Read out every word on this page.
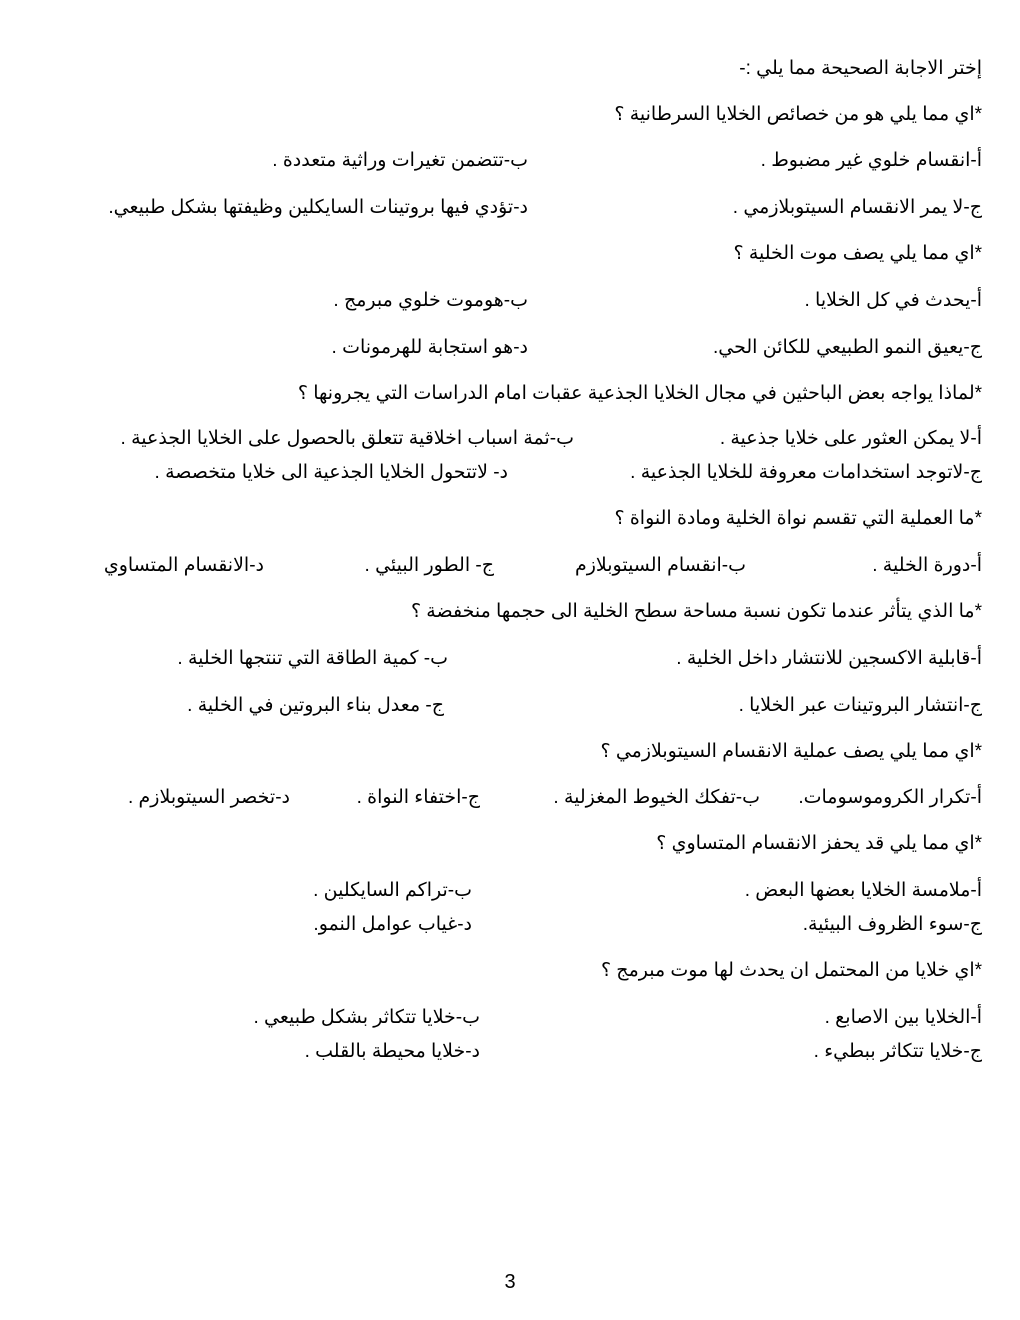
إختر الاجابة الصحيحة مما يلي :-
*اي مما يلي هو من خصائص الخلايا السرطانية ؟
أ-انقسام خلوي غير مضبوط .
ب-تتضمن تغيرات وراثية متعددة .
ج-لا يمر الانقسام السيتوبلازمي .
د-تؤدي فيها بروتينات السايكلين وظيفتها بشكل طبيعي.
*اي مما يلي يصف موت الخلية ؟
أ-يحدث في كل الخلايا .
ب-هوموت خلوي مبرمج .
ج-يعيق النمو الطبيعي للكائن الحي.
د-هو استجابة للهرمونات .
*لماذا يواجه بعض الباحثين في مجال الخلايا الجذعية عقبات امام الدراسات التي يجرونها ؟
أ-لا يمكن العثور على خلايا جذعية .
ب-ثمة اسباب اخلاقية تتعلق بالحصول على الخلايا الجذعية .
ج-لاتوجد استخدامات معروفة للخلايا الجذعية .
د- لاتتحول الخلايا الجذعية الى خلايا متخصصة .
*ما العملية التي تقسم نواة الخلية ومادة النواة ؟
أ-دورة الخلية .
ب-انقسام السيتوبلازم
ج- الطور البيئي .
د-الانقسام المتساوي
*ما الذي يتأثر عندما تكون نسبة مساحة سطح الخلية الى حجمها منخفضة ؟
أ-قابلية الاكسجين للانتشار داخل الخلية .
ب- كمية الطاقة التي تنتجها الخلية .
ج-انتشار البروتينات عبر الخلايا .
ج- معدل بناء البروتين في الخلية .
*اي مما يلي يصف عملية الانقسام السيتوبلازمي ؟
أ-تكرار الكروموسومات.
ب-تفكك الخيوط المغزلية .
ج-اختفاء النواة .
د-تخصر السيتوبلازم .
*اي مما يلي قد يحفز الانقسام المتساوي ؟
أ-ملامسة الخلايا بعضها البعض .
ب-تراكم السايكلين .
ج-سوء الظروف البيئية.
د-غياب عوامل النمو.
*اي خلايا من المحتمل ان يحدث لها موت مبرمج ؟
أ-الخلايا بين الاصابع .
ب-خلايا تتكاثر بشكل طبيعي .
ج-خلايا تتكاثر ببطيء .
د-خلايا محيطة بالقلب .
3
